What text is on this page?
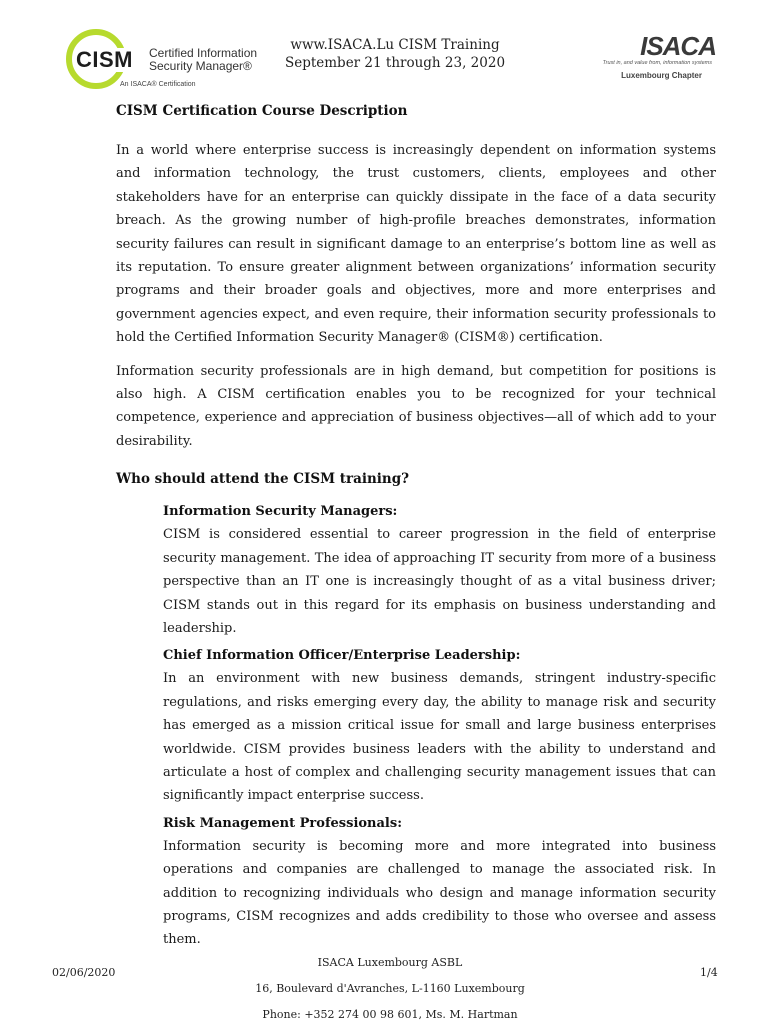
CISM	Certified Information Security Manager®
An ISACA® Certification
www.ISACA.Lu CISM Training
September 21 through 23, 2020
ISACA
Trust in, and value from, information systems
Luxembourg Chapter
CISM Certification Course Description

In a world where enterprise success is increasingly dependent on information systems and information technology, the trust customers, clients, employees and other stakeholders have for an enterprise can quickly dissipate in the face of a data security breach. As the growing number of high-profile breaches demonstrates, information security failures can result in significant damage to an enterprise’s bottom line as well as its reputation. To ensure greater alignment between organizations’ information security programs and their broader goals and objectives, more and more enterprises and government agencies expect, and even require, their information security professionals to hold the Certified Information Security Manager® (CISM®) certification.

Information security professionals are in high demand, but competition for positions is also high. A CISM certification enables you to be recognized for your technical competence, experience and appreciation of business objectives—all of which add to your desirability.

Who should attend the CISM training?
Information Security Managers:

CISM is considered essential to career progression in the field of enterprise security management. The idea of approaching IT security from more of a business perspective than an IT one is increasingly thought of as a vital business driver; CISM stands out in this regard for its emphasis on business understanding and leadership.

Chief Information Officer/Enterprise Leadership:

In an environment with new business demands, stringent industry-specific regulations, and risks emerging every day, the ability to manage risk and security has emerged as a mission critical issue for small and large business enterprises worldwide. CISM provides business leaders with the ability to understand and articulate a host of complex and challenging security management issues that can significantly impact enterprise success.

Risk Management Professionals:

Information security is becoming more and more integrated into business operations and companies are challenged to manage the associated risk. In addition to recognizing individuals who design and manage information security programs, CISM recognizes and adds credibility to those who oversee and assess them.

02/06/2020
ISACA Luxembourg ASBL
16, Boulevard d'Avranches, L-1160 Luxembourg
Phone: +352 274 00 98 601, Ms. M. Hartman
1/4
